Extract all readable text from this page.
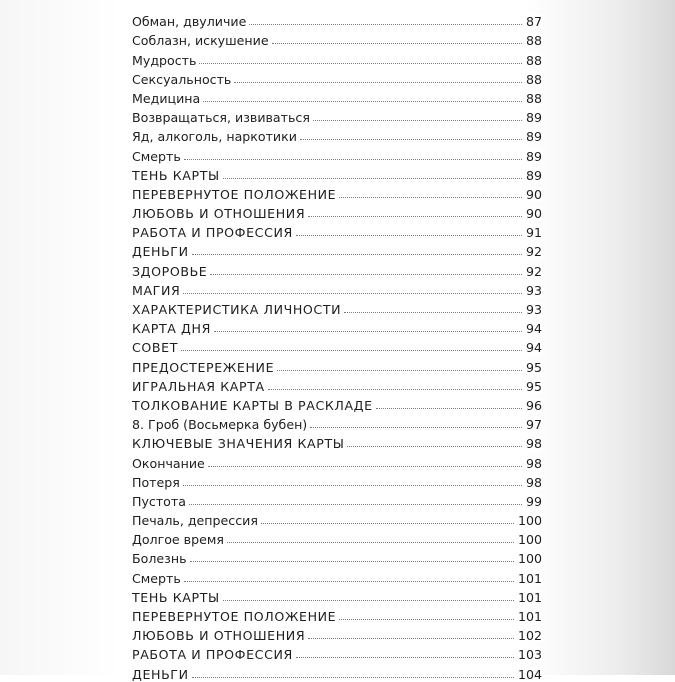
Обман, двуличие	87
Соблазн, искушение	88
Мудрость	88
Сексуальность	88
Медицина	88
Возвращаться, извиваться	89
Яд, алкоголь, наркотики	89
Смерть	89
ТЕНЬ КАРТЫ	89
ПЕРЕВЕРНУТОЕ ПОЛОЖЕНИЕ	90
ЛЮБОВЬ И ОТНОШЕНИЯ	90
РАБОТА И ПРОФЕССИЯ	91
ДЕНЬГИ	92
ЗДОРОВЬЕ	92
МАГИЯ	93
ХАРАКТЕРИСТИКА ЛИЧНОСТИ	93
КАРТА ДНЯ	94
СОВЕТ	94
ПРЕДОСТЕРЕЖЕНИЕ	95
ИГРАЛЬНАЯ КАРТА	95
ТОЛКОВАНИЕ КАРТЫ В РАСКЛАДЕ	96
8. Гроб (Восьмерка бубен)	97
КЛЮЧЕВЫЕ ЗНАЧЕНИЯ КАРТЫ	98
Окончание	98
Потеря	98
Пустота	99
Печаль, депрессия	100
Долгое время	100
Болезнь	100
Смерть	101
ТЕНЬ КАРТЫ	101
ПЕРЕВЕРНУТОЕ ПОЛОЖЕНИЕ	101
ЛЮБОВЬ И ОТНОШЕНИЯ	102
РАБОТА И ПРОФЕССИЯ	103
ДЕНЬГИ	104
